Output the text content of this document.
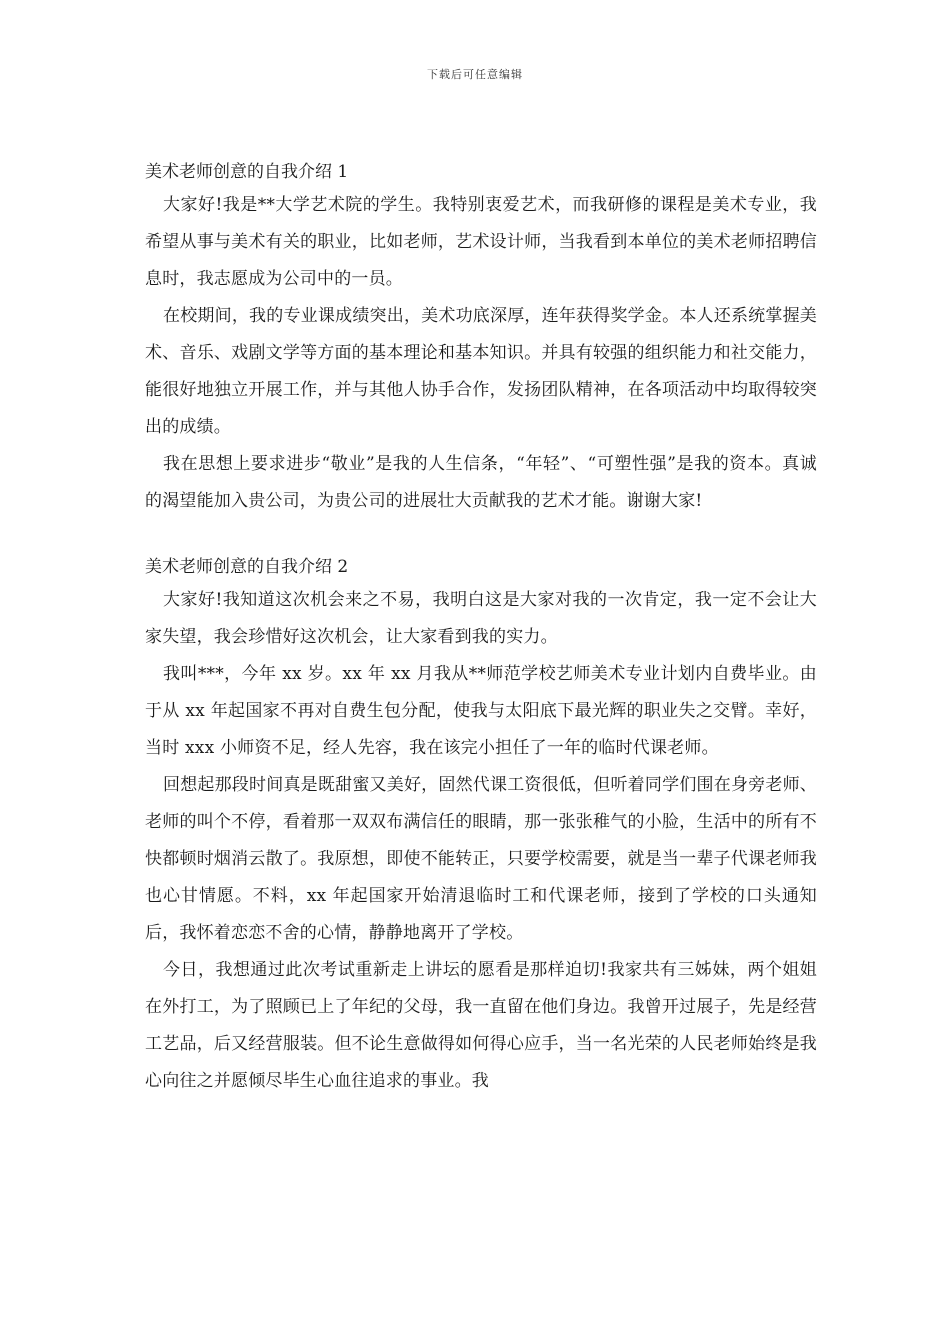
下载后可任意编辑
美术老师创意的自我介绍 1

大家好!我是**大学艺术院的学生。我特别衷爱艺术，而我研修的课程是美术专业，我希望从事与美术有关的职业，比如老师，艺术设计师，当我看到本单位的美术老师招聘信息时，我志愿成为公司中的一员。

在校期间，我的专业课成绩突出，美术功底深厚，连年获得奖学金。本人还系统掌握美术、音乐、戏剧文学等方面的基本理论和基本知识。并具有较强的组织能力和社交能力，能很好地独立开展工作，并与其他人协手合作，发扬团队精神，在各项活动中均取得较突出的成绩。

我在思想上要求进步“敬业”是我的人生信条，“年轻”、“可塑性强”是我的资本。真诚的渴望能加入贵公司，为贵公司的进展壮大贡献我的艺术才能。谢谢大家!

美术老师创意的自我介绍 2

大家好!我知道这次机会来之不易，我明白这是大家对我的一次肯定，我一定不会让大家失望，我会珍惜好这次机会，让大家看到我的实力。

我叫***，今年 xx 岁。xx 年 xx 月我从**师范学校艺师美术专业计划内自费毕业。由于从 xx 年起国家不再对自费生包分配，使我与太阳底下最光辉的职业失之交臂。幸好，当时 xxx 小师资不足，经人先容，我在该完小担任了一年的临时代课老师。

回想起那段时间真是既甜蜜又美好，固然代课工资很低，但听着同学们围在身旁老师、老师的叫个不停，看着那一双双布满信任的眼睛，那一张张稚气的小脸，生活中的所有不快都顿时烟消云散了。我原想，即使不能转正，只要学校需要，就是当一辈子代课老师我也心甘情愿。不料，xx 年起国家开始清退临时工和代课老师，接到了学校的口头通知后，我怀着恋恋不舍的心情，静静地离开了学校。

今日，我想通过此次考试重新走上讲坛的愿看是那样迫切!我家共有三姊妹，两个姐姐在外打工，为了照顾已上了年纪的父母，我一直留在他们身边。我曾开过展子，先是经营工艺品，后又经营服装。但不论生意做得如何得心应手，当一名光荣的人民老师始终是我心向往之并愿倾尽毕生心血往追求的事业。我
